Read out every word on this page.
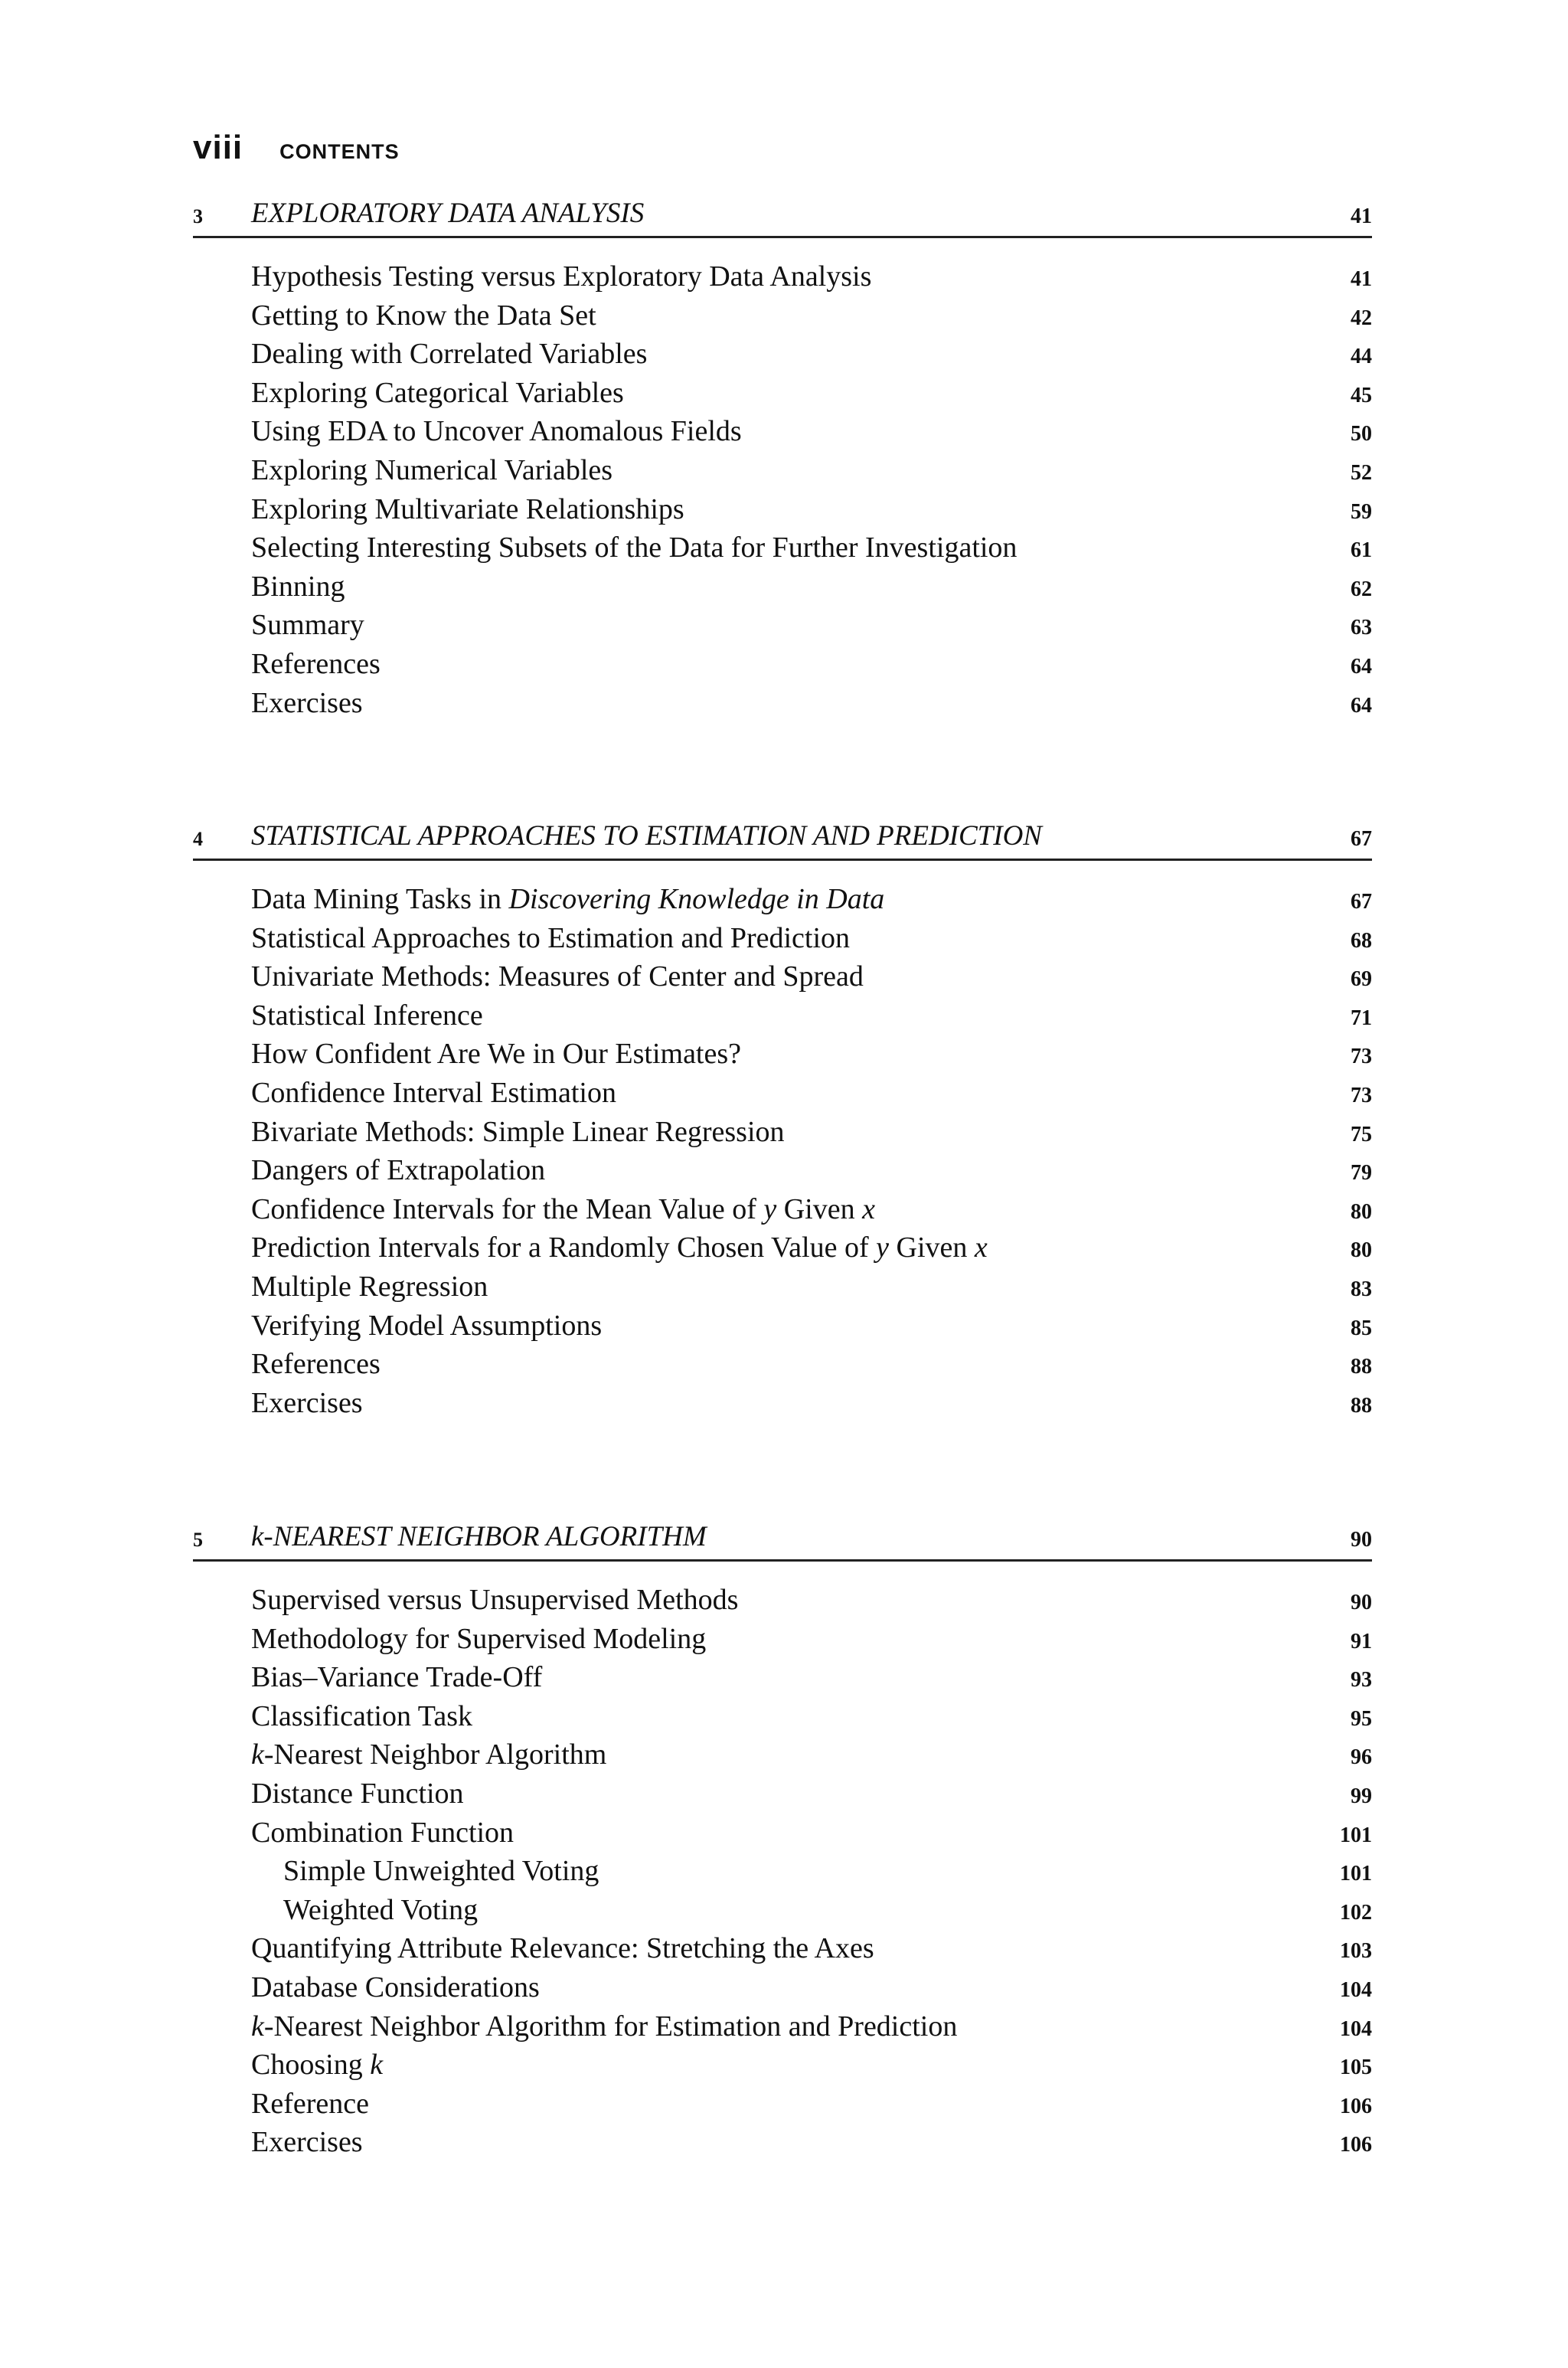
viii CONTENTS
3 EXPLORATORY DATA ANALYSIS	41
Hypothesis Testing versus Exploratory Data Analysis	41
Getting to Know the Data Set	42
Dealing with Correlated Variables	44
Exploring Categorical Variables	45
Using EDA to Uncover Anomalous Fields	50
Exploring Numerical Variables	52
Exploring Multivariate Relationships	59
Selecting Interesting Subsets of the Data for Further Investigation	61
Binning	62
Summary	63
References	64
Exercises	64
4 STATISTICAL APPROACHES TO ESTIMATION AND PREDICTION	67
Data Mining Tasks in Discovering Knowledge in Data	67
Statistical Approaches to Estimation and Prediction	68
Univariate Methods: Measures of Center and Spread	69
Statistical Inference	71
How Confident Are We in Our Estimates?	73
Confidence Interval Estimation	73
Bivariate Methods: Simple Linear Regression	75
Dangers of Extrapolation	79
Confidence Intervals for the Mean Value of y Given x	80
Prediction Intervals for a Randomly Chosen Value of y Given x	80
Multiple Regression	83
Verifying Model Assumptions	85
References	88
Exercises	88
5 k-NEAREST NEIGHBOR ALGORITHM	90
Supervised versus Unsupervised Methods	90
Methodology for Supervised Modeling	91
Bias–Variance Trade-Off	93
Classification Task	95
k-Nearest Neighbor Algorithm	96
Distance Function	99
Combination Function	101
Simple Unweighted Voting	101
Weighted Voting	102
Quantifying Attribute Relevance: Stretching the Axes	103
Database Considerations	104
k-Nearest Neighbor Algorithm for Estimation and Prediction	104
Choosing k	105
Reference	106
Exercises	106
